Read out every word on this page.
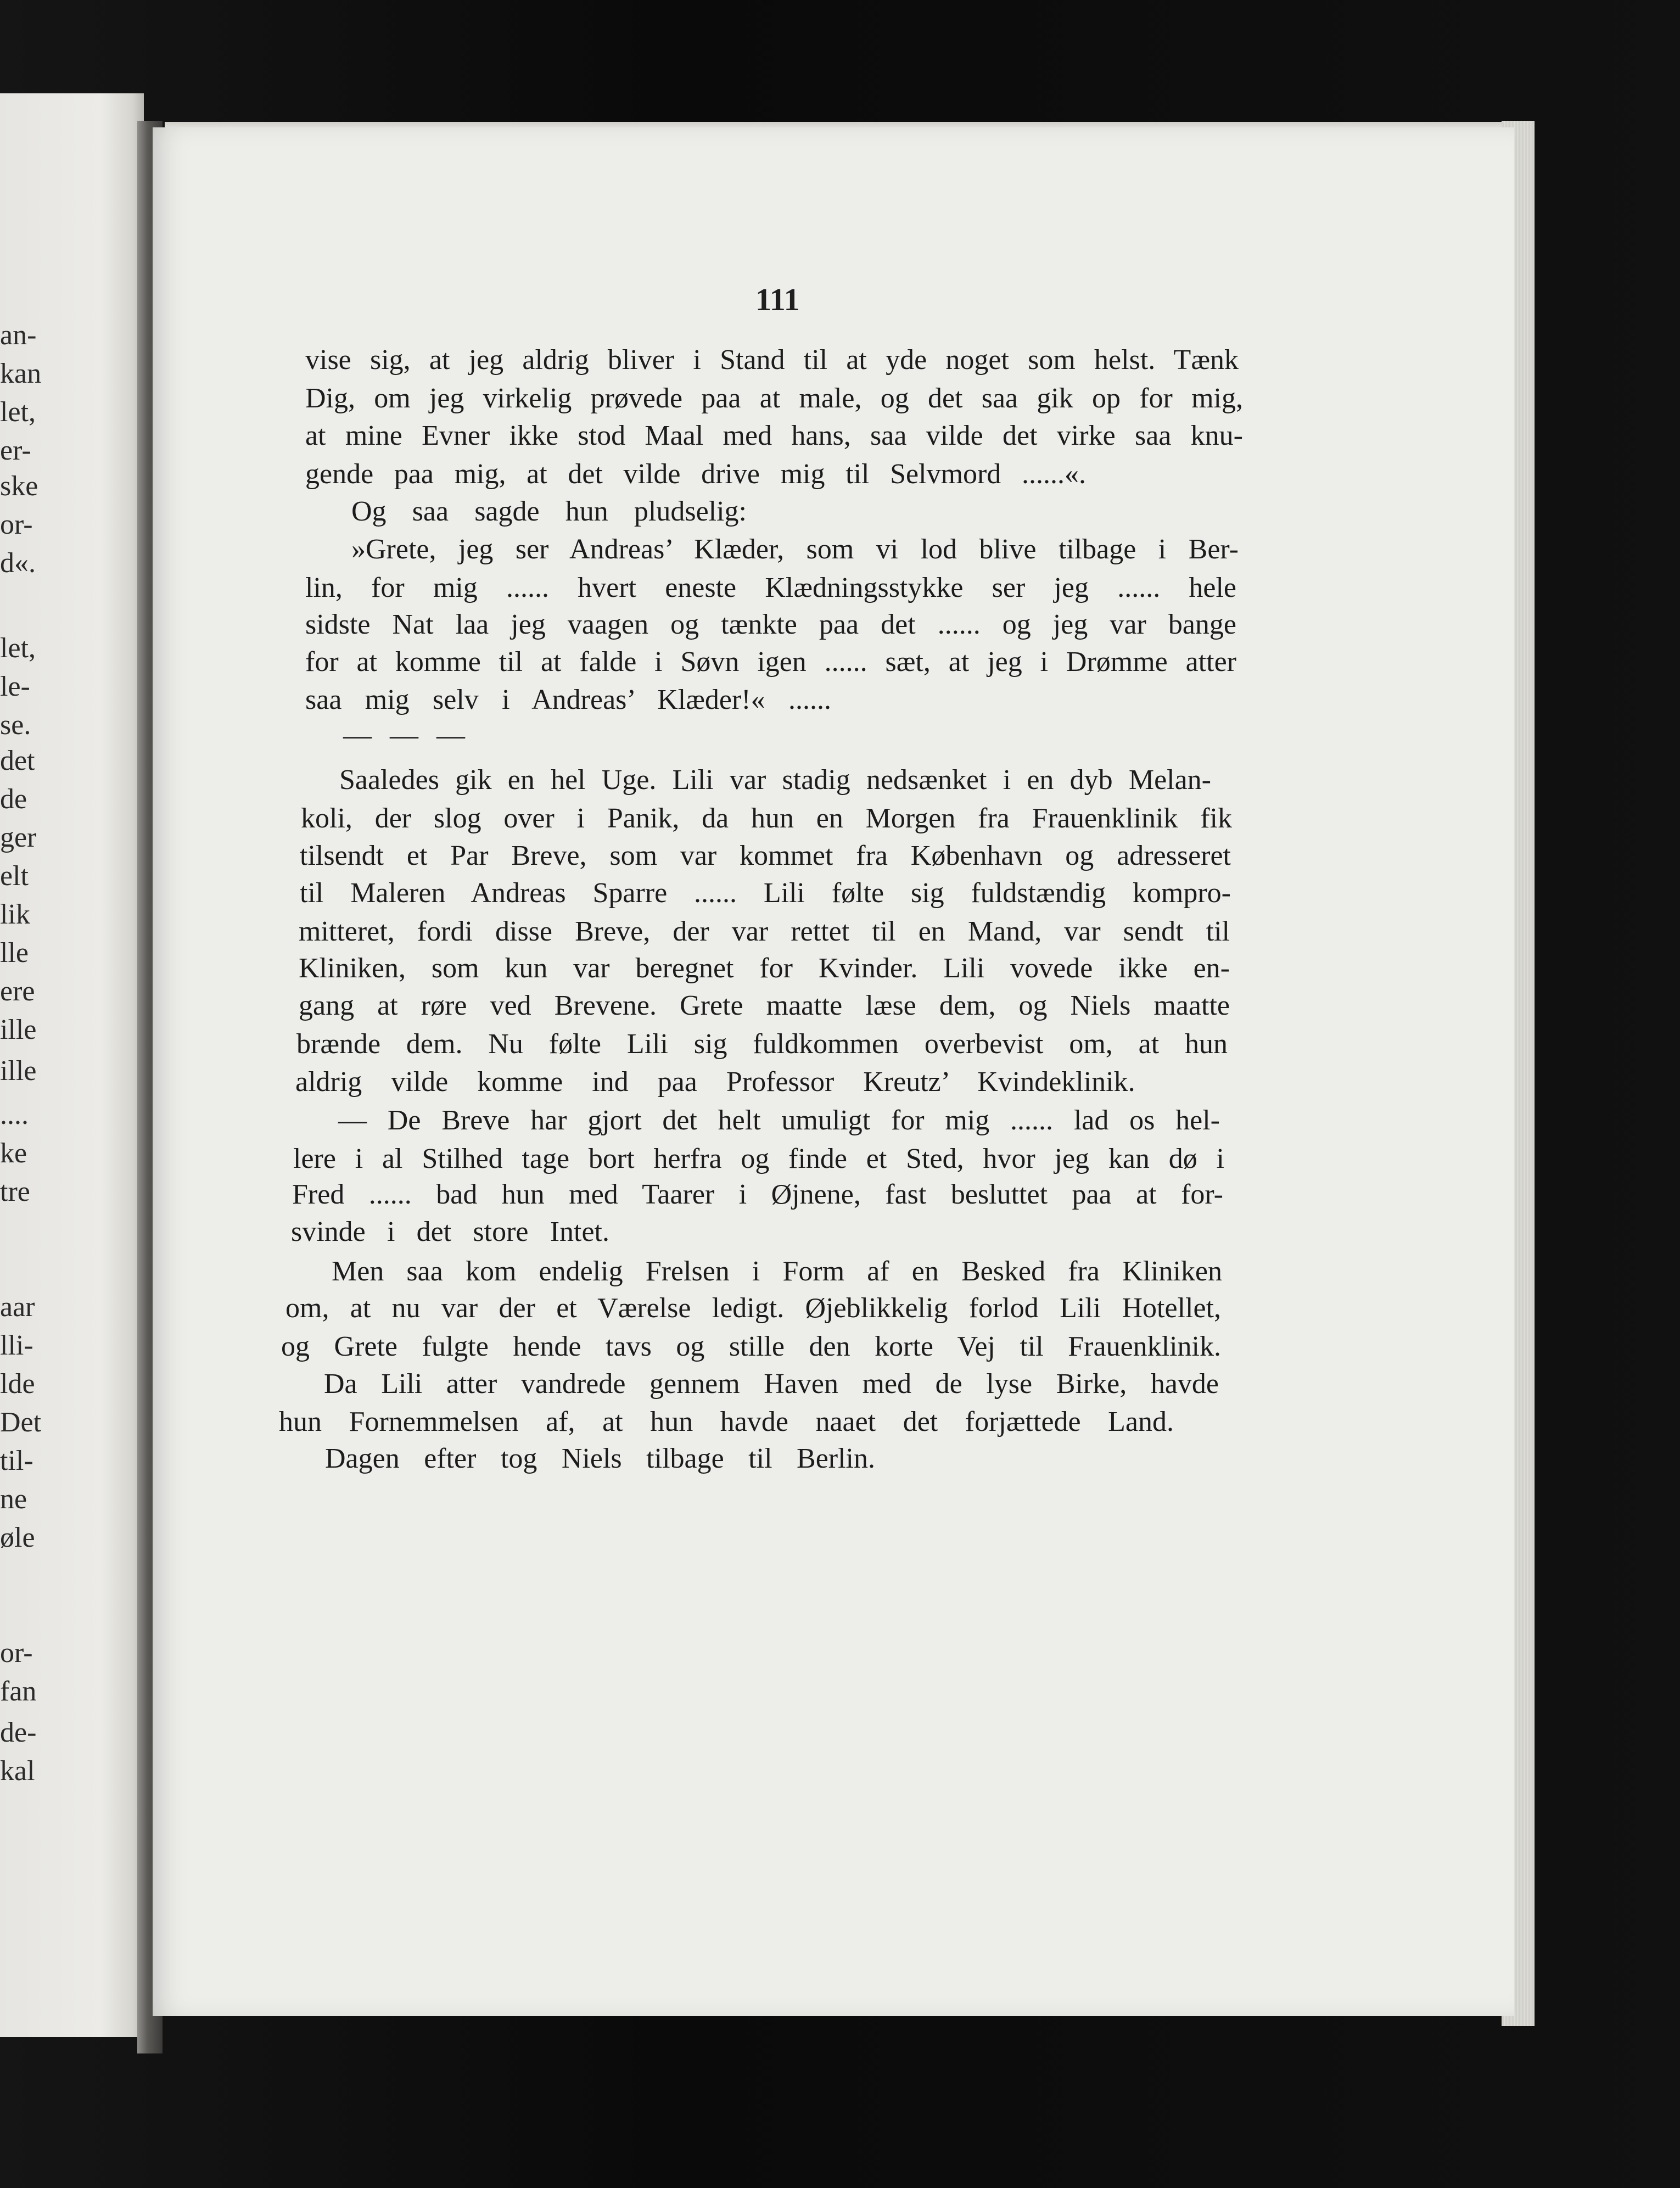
an-
kan
let,
er-
ske
or-
d«.
let,
le-
se.
det
de
ger
elt
lik
lle
ere
ille
ille
....
ke
tre
aar
lli-
lde
Det
til-
ne
øle
or-
fan
de-
kal
111
vise sig, at jeg aldrig bliver i Stand til at yde noget som helst. Tænk
Dig, om jeg virkelig prøvede paa at male, og det saa gik op for mig,
at mine Evner ikke stod Maal med hans, saa vilde det virke saa knu-
gende paa mig, at det vilde drive mig til Selvmord ......«.
Og saa sagde hun pludselig:
»Grete, jeg ser Andreas’ Klæder, som vi lod blive tilbage i Ber-
lin, for mig ...... hvert eneste Klædningsstykke ser jeg ...... hele
sidste Nat laa jeg vaagen og tænkte paa det ...... og jeg var bange
for at komme til at falde i Søvn igen ...... sæt, at jeg i Drømme atter
saa mig selv i Andreas’ Klæder!« ......
Saaledes gik en hel Uge. Lili var stadig nedsænket i en dyb Melan-
koli, der slog over i Panik, da hun en Morgen fra Frauenklinik fik
tilsendt et Par Breve, som var kommet fra København og adresseret
til Maleren Andreas Sparre ...... Lili følte sig fuldstændig kompro-
mitteret, fordi disse Breve, der var rettet til en Mand, var sendt til
Kliniken, som kun var beregnet for Kvinder. Lili vovede ikke en-
gang at røre ved Brevene. Grete maatte læse dem, og Niels maatte
brænde dem. Nu følte Lili sig fuldkommen overbevist om, at hun
aldrig vilde komme ind paa Professor Kreutz’ Kvindeklinik.
— De Breve har gjort det helt umuligt for mig ...... lad os hel-
lere i al Stilhed tage bort herfra og finde et Sted, hvor jeg kan dø i
Fred ...... bad hun med Taarer i Øjnene, fast besluttet paa at for-
svinde i det store Intet.
Men saa kom endelig Frelsen i Form af en Besked fra Kliniken
om, at nu var der et Værelse ledigt. Øjeblikkelig forlod Lili Hotellet,
og Grete fulgte hende tavs og stille den korte Vej til Frauenklinik.
Da Lili atter vandrede gennem Haven med de lyse Birke, havde
hun Fornemmelsen af, at hun havde naaet det forjættede Land.
Dagen efter tog Niels tilbage til Berlin.
— — —
